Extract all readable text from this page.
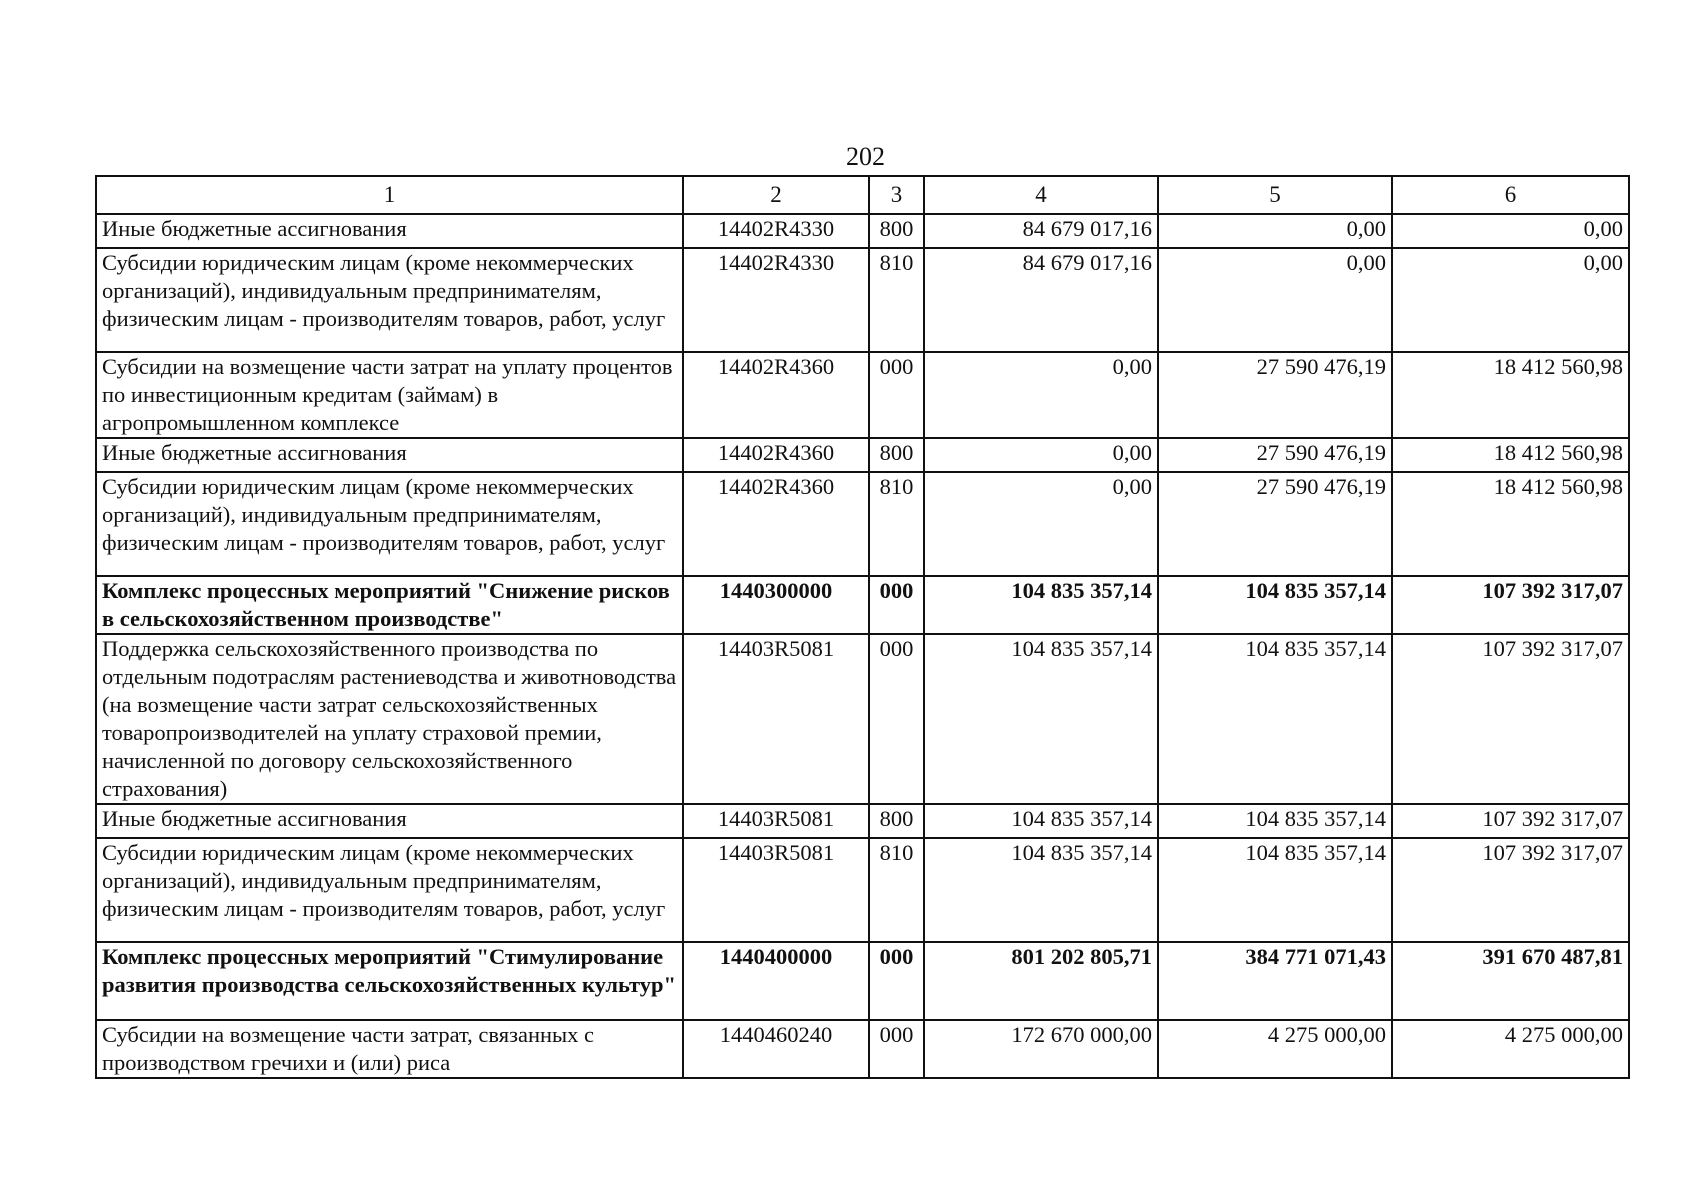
202
1	2	3	4	5	6
Иные бюджетные ассигнования	14402R4330	800	84 679 017,16	0,00	0,00
Субсидии юридическим лицам (кроме некоммерческих организаций), индивидуальным предпринимателям, физическим лицам - производителям товаров, работ, услуг	14402R4330	810	84 679 017,16	0,00	0,00
Субсидии на возмещение части затрат на уплату процентов по инвестиционным кредитам (займам) в агропромышленном комплексе	14402R4360	000	0,00	27 590 476,19	18 412 560,98
Иные бюджетные ассигнования	14402R4360	800	0,00	27 590 476,19	18 412 560,98
Субсидии юридическим лицам (кроме некоммерческих организаций), индивидуальным предпринимателям, физическим лицам - производителям товаров, работ, услуг	14402R4360	810	0,00	27 590 476,19	18 412 560,98
Комплекс процессных мероприятий "Снижение рисков в сельскохозяйственном производстве"	1440300000	000	104 835 357,14	104 835 357,14	107 392 317,07
Поддержка сельскохозяйственного производства по отдельным подотраслям растениеводства и животноводства (на возмещение части затрат сельскохозяйственных товаропроизводителей на уплату страховой премии, начисленной по договору сельскохозяйственного страхования)	14403R5081	000	104 835 357,14	104 835 357,14	107 392 317,07
Иные бюджетные ассигнования	14403R5081	800	104 835 357,14	104 835 357,14	107 392 317,07
Субсидии юридическим лицам (кроме некоммерческих организаций), индивидуальным предпринимателям, физическим лицам - производителям товаров, работ, услуг	14403R5081	810	104 835 357,14	104 835 357,14	107 392 317,07
Комплекс процессных мероприятий "Стимулирование развития производства сельскохозяйственных культур"	1440400000	000	801 202 805,71	384 771 071,43	391 670 487,81
Субсидии на возмещение части затрат, связанных с производством гречихи и (или) риса	1440460240	000	172 670 000,00	4 275 000,00	4 275 000,00
